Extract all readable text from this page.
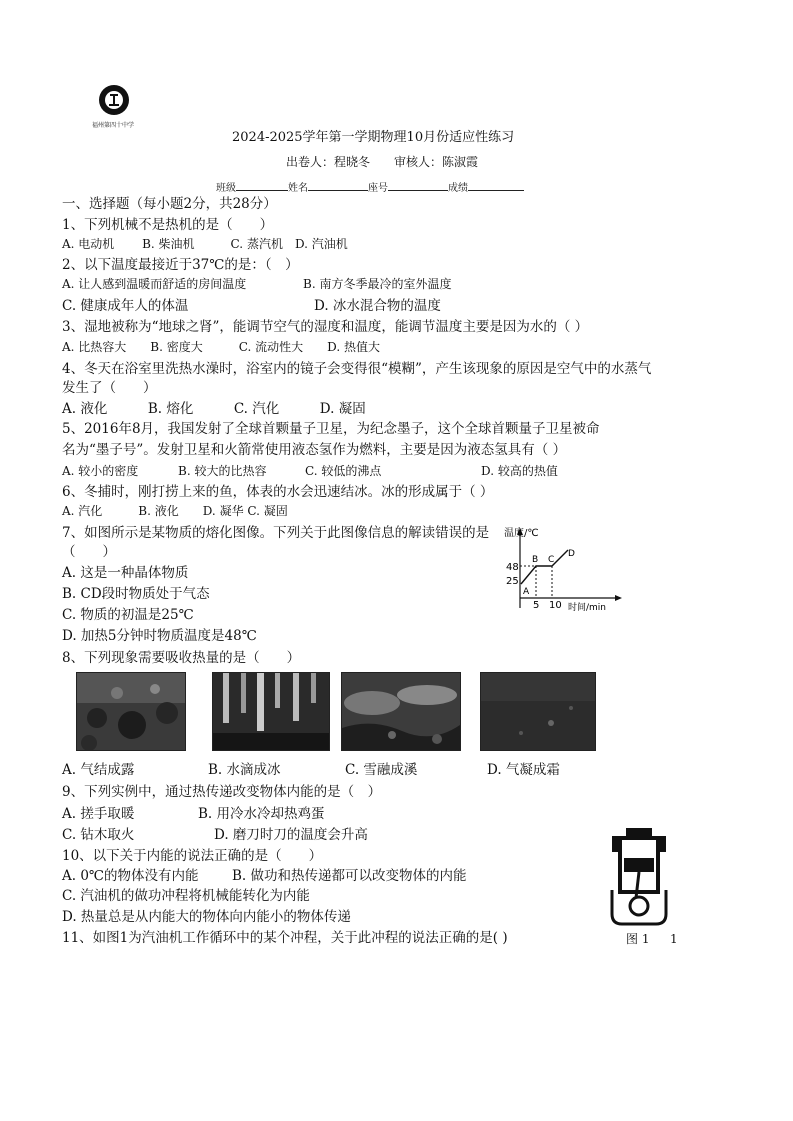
福州第四十中学
2024-2025学年第一学期物理10月份适应性练习
出卷人：程晓冬　　审核人：陈淑霞
班级	姓名	座号	成绩
一、选择题（每小题2分，共28分）
1、下列机械不是热机的是（　　）
A. 电动机　　 B. 柴油机　　　C. 蒸汽机　D. 汽油机
2、以下温度最接近于37℃的是：（　）
A. 让人感到温暖而舒适的房间温度	B. 南方冬季最冷的室外温度
C. 健康成年人的体温	D. 冰水混合物的温度
3、湿地被称为“地球之肾”，能调节空气的湿度和温度，能调节温度主要是因为水的（ ）
A. 比热容大　　B. 密度大　　　C. 流动性大　　D. 热值大
4、冬天在浴室里洗热水澡时，浴室内的镜子会变得很“模糊”，产生该现象的原因是空气中的水蒸气
发生了（　　）
A. 液化　　　B. 熔化　　　C. 汽化　　　D. 凝固
5、2016年8月，我国发射了全球首颗量子卫星，为纪念墨子，这个全球首颗量子卫星被命
名为“墨子号”。发射卫星和火箭常使用液态氢作为燃料，主要是因为液态氢具有（ ）
A. 较小的密度	B. 较大的比热容	C. 较低的沸点	D. 较高的热值
6、冬捕时，刚打捞上来的鱼，体表的水会迅速结冰。冰的形成属于（ ）
A. 汽化　　　B. 液化　　D. 凝华 C. 凝固
7、如图所示是某物质的熔化图像。下列关于此图像信息的解读错误的是
（　　）
A. 这是一种晶体物质
B. CD段时物质处于气态
C. 物质的初温是25℃
D. 加热5分钟时物质温度是48℃
温度/℃
时间/min
48
25
5 10
A
B C
D
8、下列现象需要吸收热量的是（　　）
A. 气结成露	B. 水滴成冰	C. 雪融成溪	D. 气凝成霜
9、下列实例中，通过热传递改变物体内能的是（　）
A. 搓手取暖	B. 用冷水冷却热鸡蛋
C. 钻木取火	D. 磨刀时刀的温度会升高
10、以下关于内能的说法正确的是（　　）
A. 0℃的物体没有内能 B. 做功和热传递都可以改变物体的内能
C. 汽油机的做功冲程将机械能转化为内能
D. 热量总是从内能大的物体向内能小的物体传递
图 1 1
11、如图1为汽油机工作循环中的某个冲程，关于此冲程的说法正确的是( )
